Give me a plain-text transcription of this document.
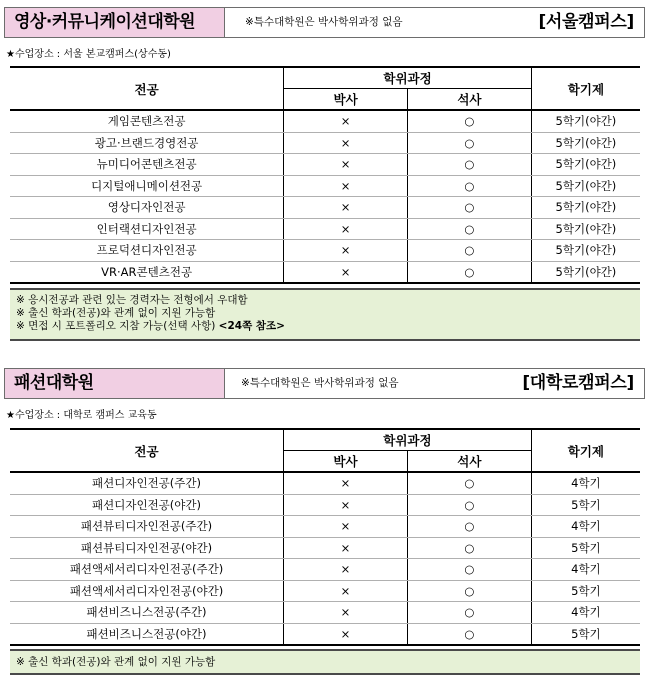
영상·커뮤니케이션대학원	※특수대학원은 박사학위과정 없음	[서울캠퍼스]
★수업장소 : 서울 본교캠퍼스(상수동)
전공	학위과정		학기제
	박사	석사	
게임콘텐츠전공	×	○	5학기(야간)
광고·브랜드경영전공	×	○	5학기(야간)
뉴미디어콘텐츠전공	×	○	5학기(야간)
디지털애니메이션전공	×	○	5학기(야간)
영상디자인전공	×	○	5학기(야간)
인터랙션디자인전공	×	○	5학기(야간)
프로덕션디자인전공	×	○	5학기(야간)
VR·AR콘텐츠전공	×	○	5학기(야간)
※ 응시전공과 관련 있는 경력자는 전형에서 우대함
※ 출신 학과(전공)와 관계 없이 지원 가능함
※ 면접 시 포트폴리오 지참 가능(선택 사항) <24쪽 참조>
패션대학원	※특수대학원은 박사학위과정 없음	[대학로캠퍼스]
★수업장소 : 대학로 캠퍼스 교육동
전공	학위과정		학기제
	박사	석사	
패션디자인전공(주간)	×	○	4학기
패션디자인전공(야간)	×	○	5학기
패션뷰티디자인전공(주간)	×	○	4학기
패션뷰티디자인전공(야간)	×	○	5학기
패션액세서리디자인전공(주간)	×	○	4학기
패션액세서리디자인전공(야간)	×	○	5학기
패션비즈니스전공(주간)	×	○	4학기
패션비즈니스전공(야간)	×	○	5학기
※ 출신 학과(전공)와 관계 없이 지원 가능함
